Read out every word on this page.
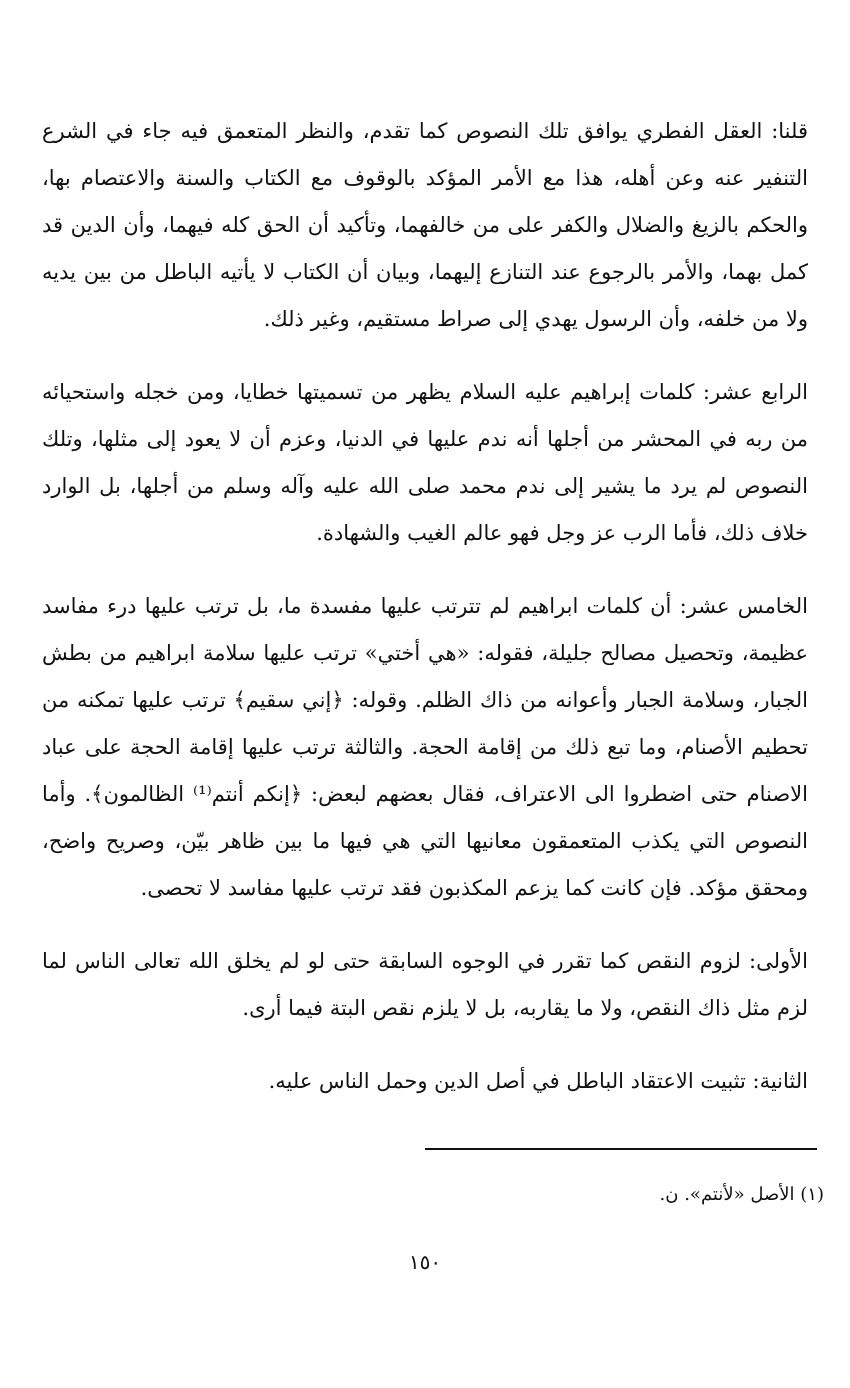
قلنا: العقل الفطري يوافق تلك النصوص كما تقدم، والنظر المتعمق فيه جاء في الشرع التنفير عنه وعن أهله، هذا مع الأمر المؤكد بالوقوف مع الكتاب والسنة والاعتصام بها، والحكم بالزيغ والضلال والكفر على من خالفهما، وتأكيد أن الحق كله فيهما، وأن الدين قد كمل بهما، والأمر بالرجوع عند التنازع إليهما، وبيان أن الكتاب لا يأتيه الباطل من بين يديه ولا من خلفه، وأن الرسول يهدي إلى صراط مستقيم، وغير ذلك.

الرابع عشر: كلمات إبراهيم عليه السلام يظهر من تسميتها خطايا، ومن خجله واستحيائه من ربه في المحشر من أجلها أنه ندم عليها في الدنيا، وعزم أن لا يعود إلى مثلها، وتلك النصوص لم يرد ما يشير إلى ندم محمد صلى الله عليه وآله وسلم من أجلها، بل الوارد خلاف ذلك، فأما الرب عز وجل فهو عالم الغيب والشهادة.

الخامس عشر: أن كلمات ابراهيم لم تترتب عليها مفسدة ما، بل ترتب عليها درء مفاسد عظيمة، وتحصيل مصالح جليلة، فقوله: «هي أختي» ترتب عليها سلامة ابراهيم من بطش الجبار، وسلامة الجبار وأعوانه من ذاك الظلم. وقوله: ﴿إني سقيم﴾ ترتب عليها تمكنه من تحطيم الأصنام، وما تبع ذلك من إقامة الحجة. والثالثة ترتب عليها إقامة الحجة على عباد الاصنام حتى اضطروا الى الاعتراف، فقال بعضهم لبعض: ﴿إنكم أنتم⁽¹⁾ الظالمون﴾. وأما النصوص التي يكذب المتعمقون معانيها التي هي فيها ما بين ظاهر بيّن، وصريح واضح، ومحقق مؤكد. فإن كانت كما يزعم المكذبون فقد ترتب عليها مفاسد لا تحصى.

الأولى: لزوم النقص كما تقرر في الوجوه السابقة حتى لو لم يخلق الله تعالى الناس لما لزم مثل ذاك النقص، ولا ما يقاربه، بل لا يلزم نقص البتة فيما أرى.

الثانية: تثبيت الاعتقاد الباطل في أصل الدين وحمل الناس عليه.

(١) الأصل «لأنتم». ن.
١٥٠
